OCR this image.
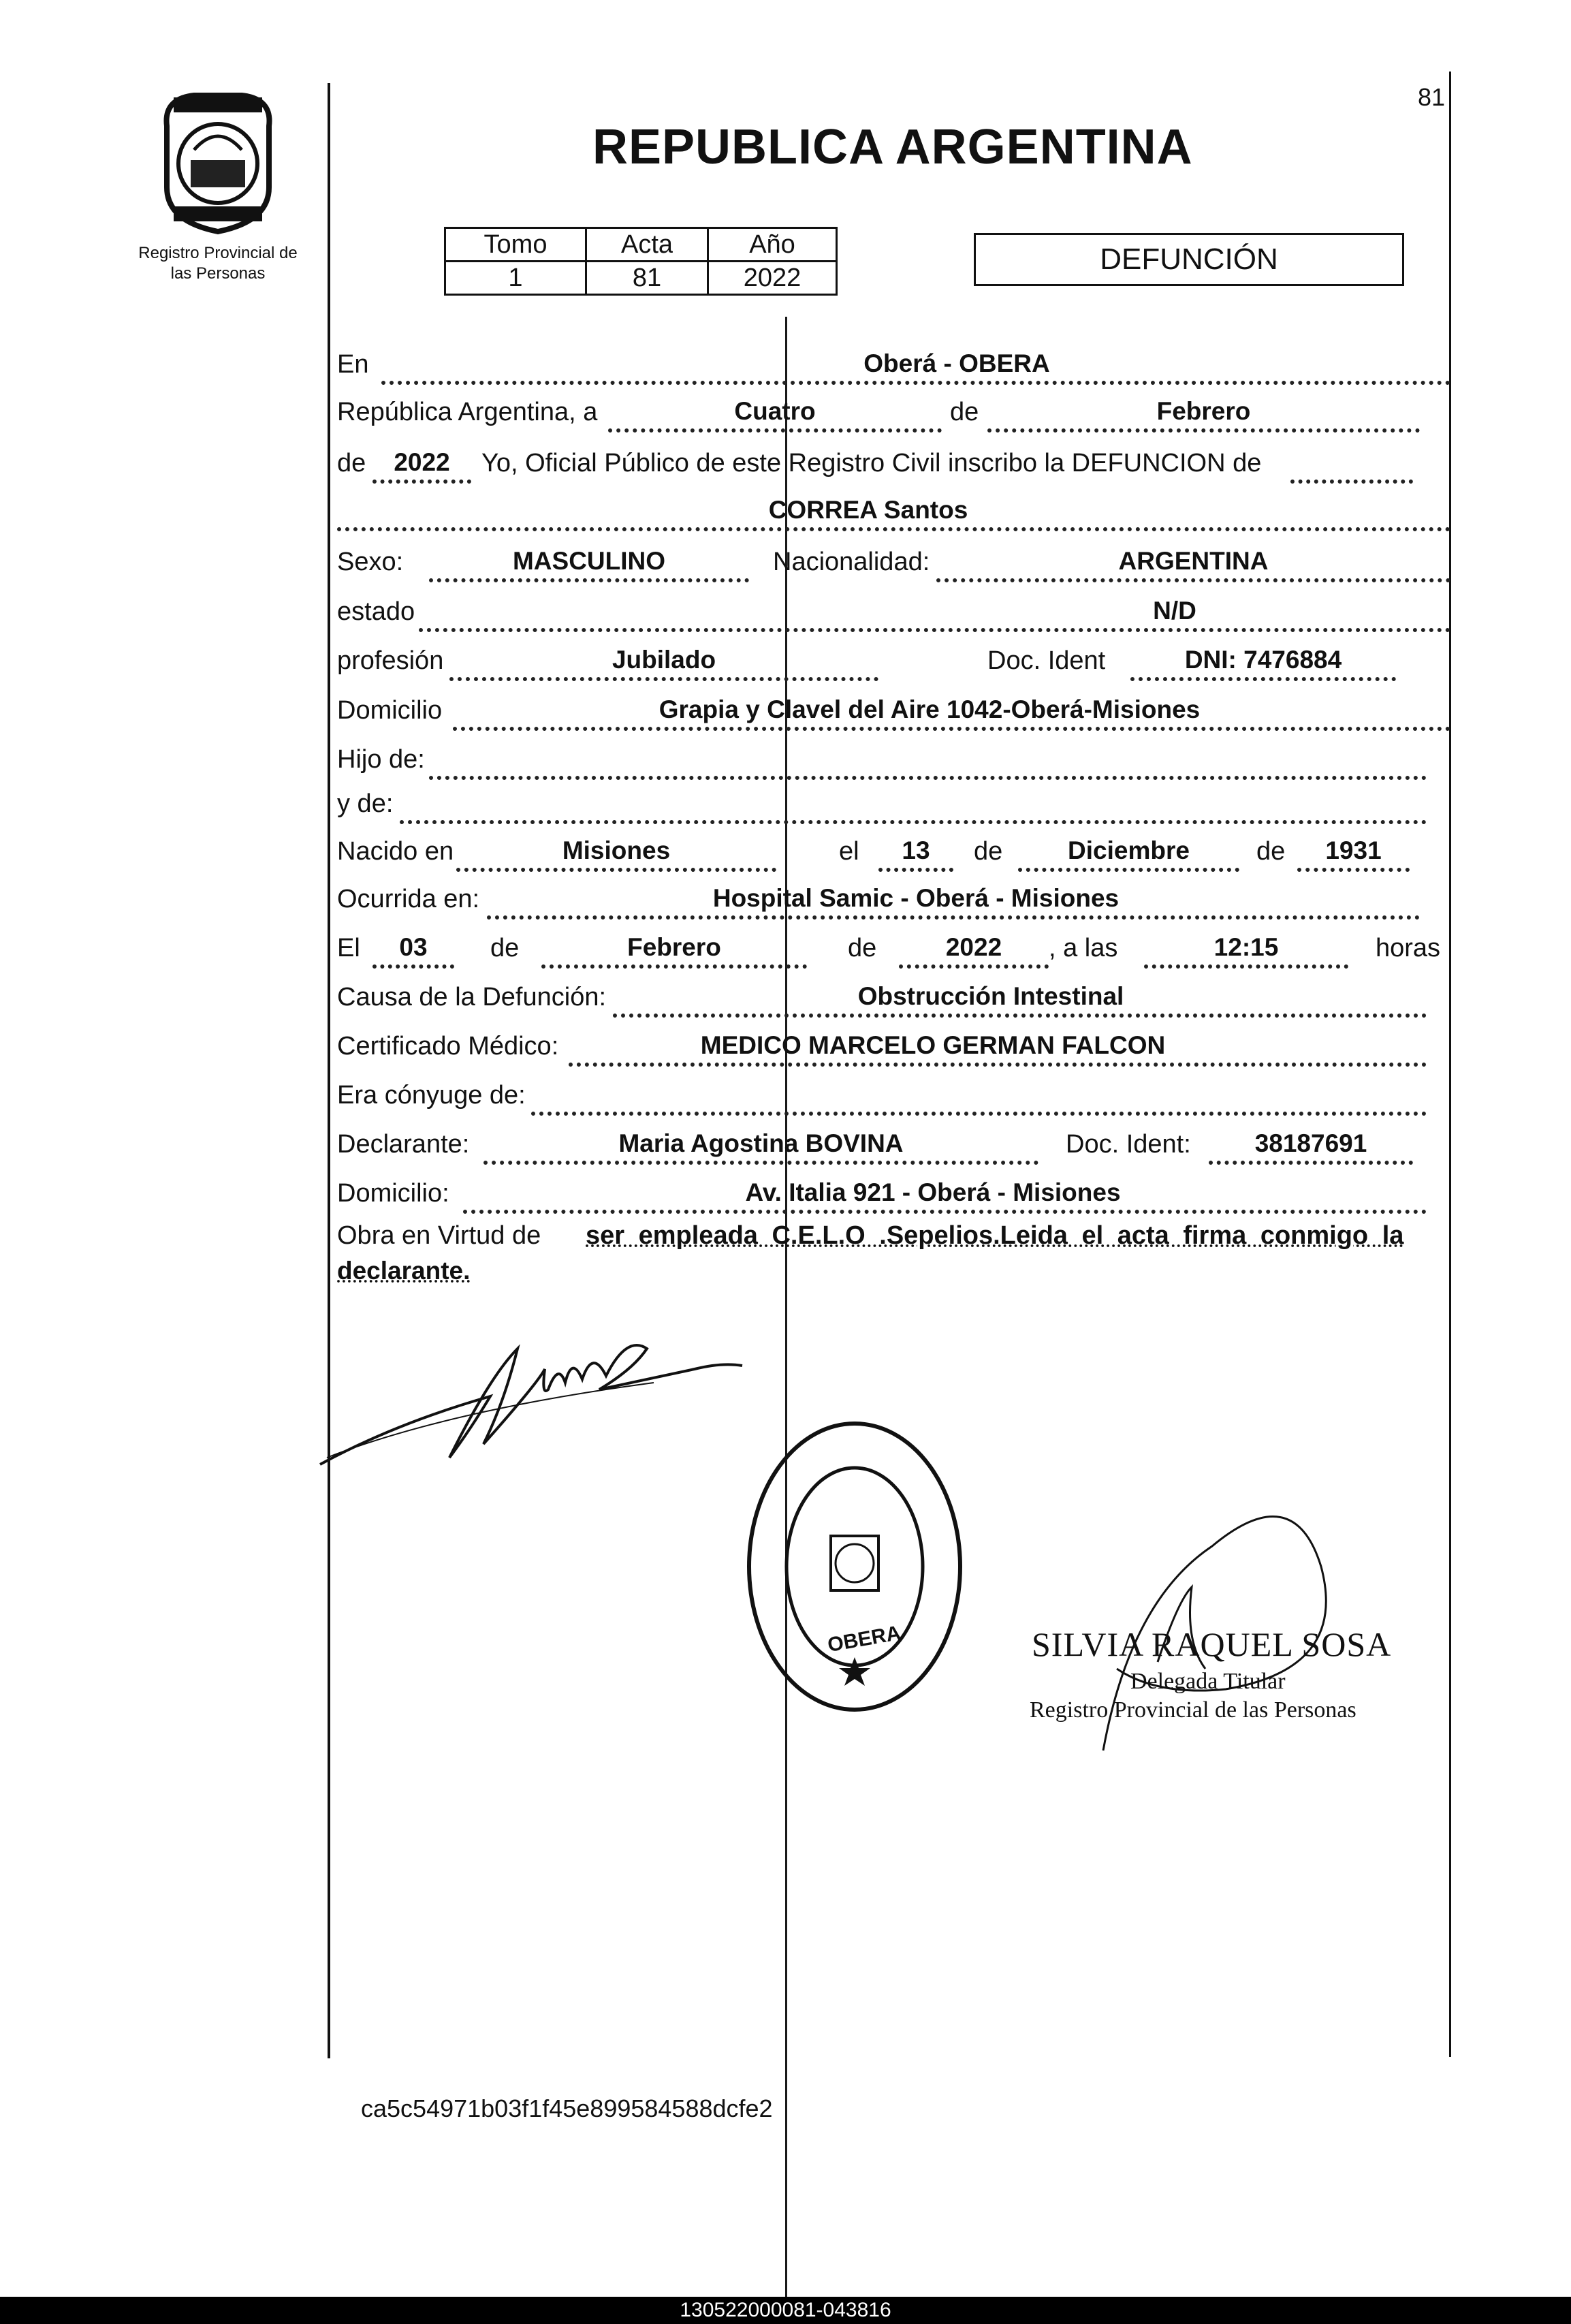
81
Registro Provincial de
las Personas
REPUBLICA ARGENTINA
Tomo	Acta	Año
1	81	2022
DEFUNCIÓN
En	Oberá - OBERA
República Argentina, a	Cuatro	de	Febrero
de	2022	Yo, Oficial Público de este Registro Civil inscribo la DEFUNCION de
CORREA Santos
Sexo:	MASCULINO	Nacionalidad:	ARGENTINA
estado	N/D
profesión	Jubilado	Doc. Ident	DNI: 7476884
Domicilio	Grapia y Clavel del Aire 1042-Oberá-Misiones
Hijo de:
y de:
Nacido en	Misiones	el	13	de	Diciembre	de	1931
Ocurrida en:	Hospital Samic - Oberá - Misiones
El	03	de	Febrero	de	2022	, a las	12:15	horas
Causa de la Defunción:	Obstrucción Intestinal
Certificado Médico:	MEDICO MARCELO GERMAN FALCON
Era cónyuge de:
Declarante:	Maria Agostina BOVINA	Doc. Ident:	38187691
Domicilio:	Av. Italia 921 - Oberá - Misiones
Obra en Virtud de ser empleada C.E.L.O .Sepelios.Leida el acta firma conmigo la
declarante.
OBERA	SILVIA RAQUEL SOSA
Delegada Titular
Registro Provincial de las Personas
ca5c54971b03f1f45e899584588dcfe2
130522000081-043816
